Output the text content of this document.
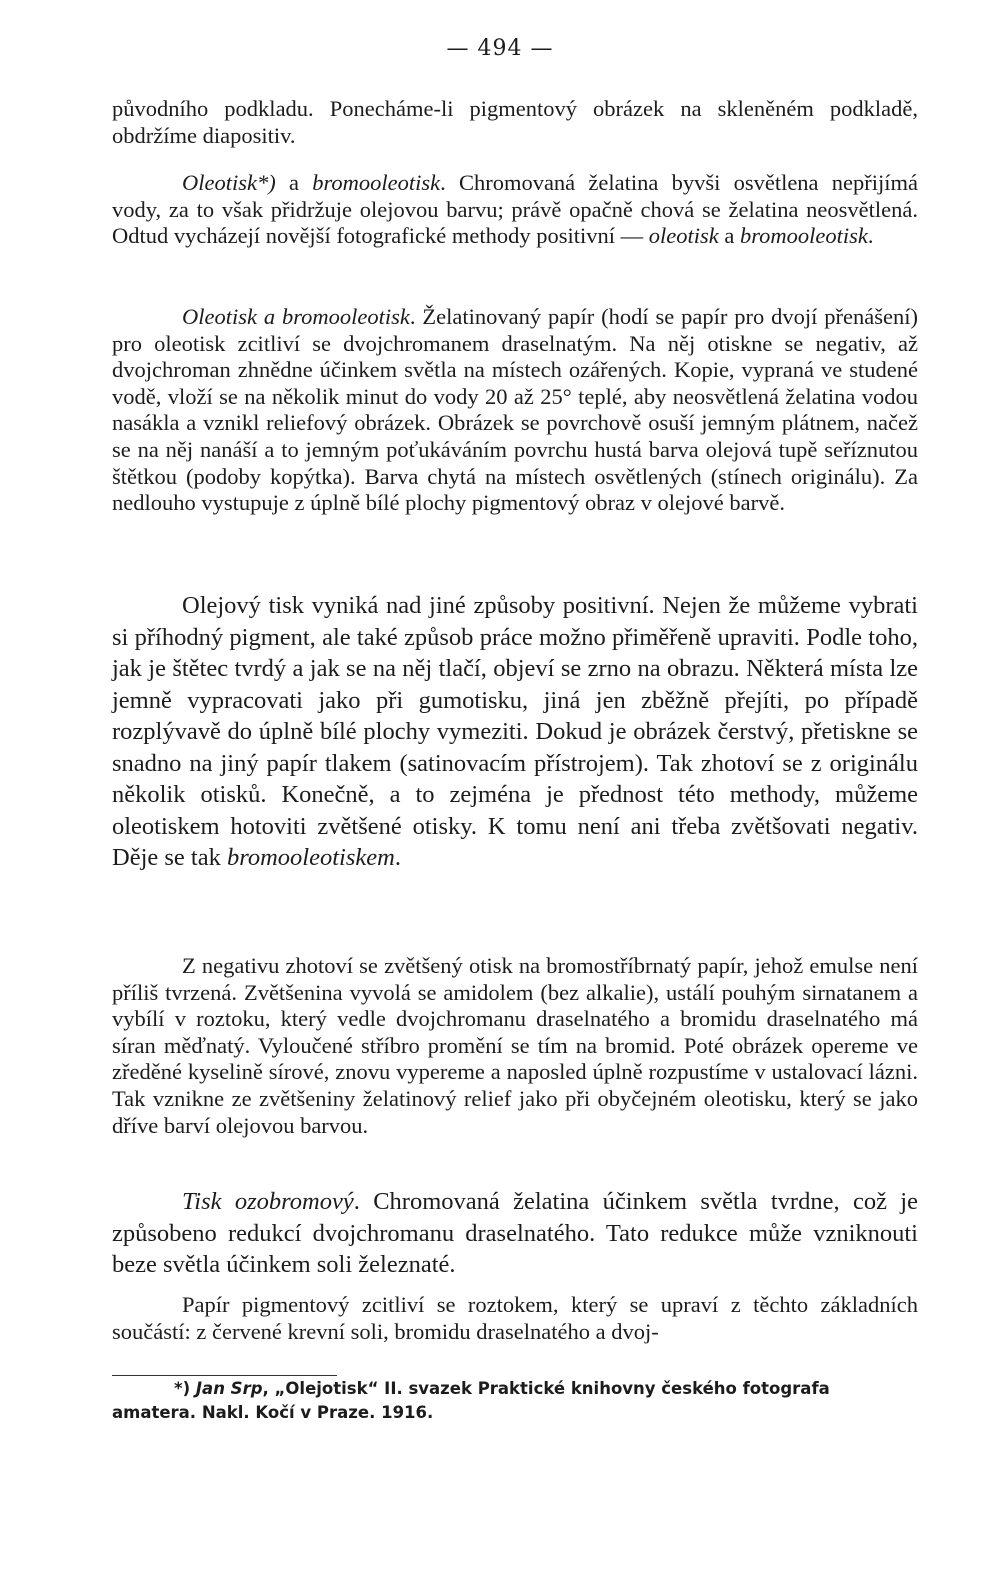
— 494 —

původního podkladu. Ponecháme-li pigmentový obrázek na skleněném podkladě, obdržíme diapositiv.

Oleotisk*) a bromooleotisk. Chromovaná želatina byvši osvětlena nepřijímá vody, za to však přidržuje olejovou barvu; právě opačně chová se želatina neosvětlená. Odtud vycházejí novější fotografické methody positivní — oleotisk a bromooleotisk.

Oleotisk a bromooleotisk. Želatinovaný papír (hodí se papír pro dvojí přenášení) pro oleotisk zcitliví se dvojchromanem draselnatým. Na něj otiskne se negativ, až dvojchroman zhnědne účinkem světla na místech ozářených. Kopie, vypraná ve studené vodě, vloží se na několik minut do vody 20 až 25° teplé, aby neosvětlená želatina vodou nasákla a vznikl reliefový obrázek. Obrázek se povrchově osuší jemným plátnem, načež se na něj nanáší a to jemným poťukáváním povrchu hustá barva olejová tupě seříznutou štětkou (podoby kopýtka). Barva chytá na místech osvětlených (stínech originálu). Za nedlouho vystupuje z úplně bílé plochy pigmentový obraz v olejové barvě.

Olejový tisk vyniká nad jiné způsoby positivní. Nejen že můžeme vybrati si příhodný pigment, ale také způsob práce možno přiměřeně upraviti. Podle toho, jak je štětec tvrdý a jak se na něj tlačí, objeví se zrno na obrazu. Některá místa lze jemně vypracovati jako při gumotisku, jiná jen zběžně přejíti, po případě rozplývavě do úplně bílé plochy vymeziti. Dokud je obrázek čerstvý, přetiskne se snadno na jiný papír tlakem (satinovacím přístrojem). Tak zhotoví se z originálu několik otisků. Konečně, a to zejména je přednost této methody, můžeme oleotiskem hotoviti zvětšené otisky. K tomu není ani třeba zvětšovati negativ. Děje se tak bromooleotiskem.

Z negativu zhotoví se zvětšený otisk na bromostříbrnatý papír, jehož emulse není příliš tvrzená. Zvětšenina vyvolá se amidolem (bez alkalie), ustálí pouhým sirnatanem a vybílí v roztoku, který vedle dvojchromanu draselnatého a bromidu draselnatého má síran měďnatý. Vyloučené stříbro promění se tím na bromid. Poté obrázek opereme ve zředěné kyselině sírové, znovu vypereme a naposled úplně rozpustíme v ustalovací lázni. Tak vznikne ze zvětšeniny želatinový relief jako při obyčejném oleotisku, který se jako dříve barví olejovou barvou.

Tisk ozobromový. Chromovaná želatina účinkem světla tvrdne, což je způsobeno redukcí dvojchromanu draselnatého. Tato redukce může vzniknouti beze světla účinkem soli železnaté.

Papír pigmentový zcitliví se roztokem, který se upraví z těchto základních součástí: z červené krevní soli, bromidu draselnatého a dvoj-

*) Jan Srp, „Olejotisk“ II. svazek Praktické knihovny českého fotografa amatera. Nakl. Kočí v Praze. 1916.
